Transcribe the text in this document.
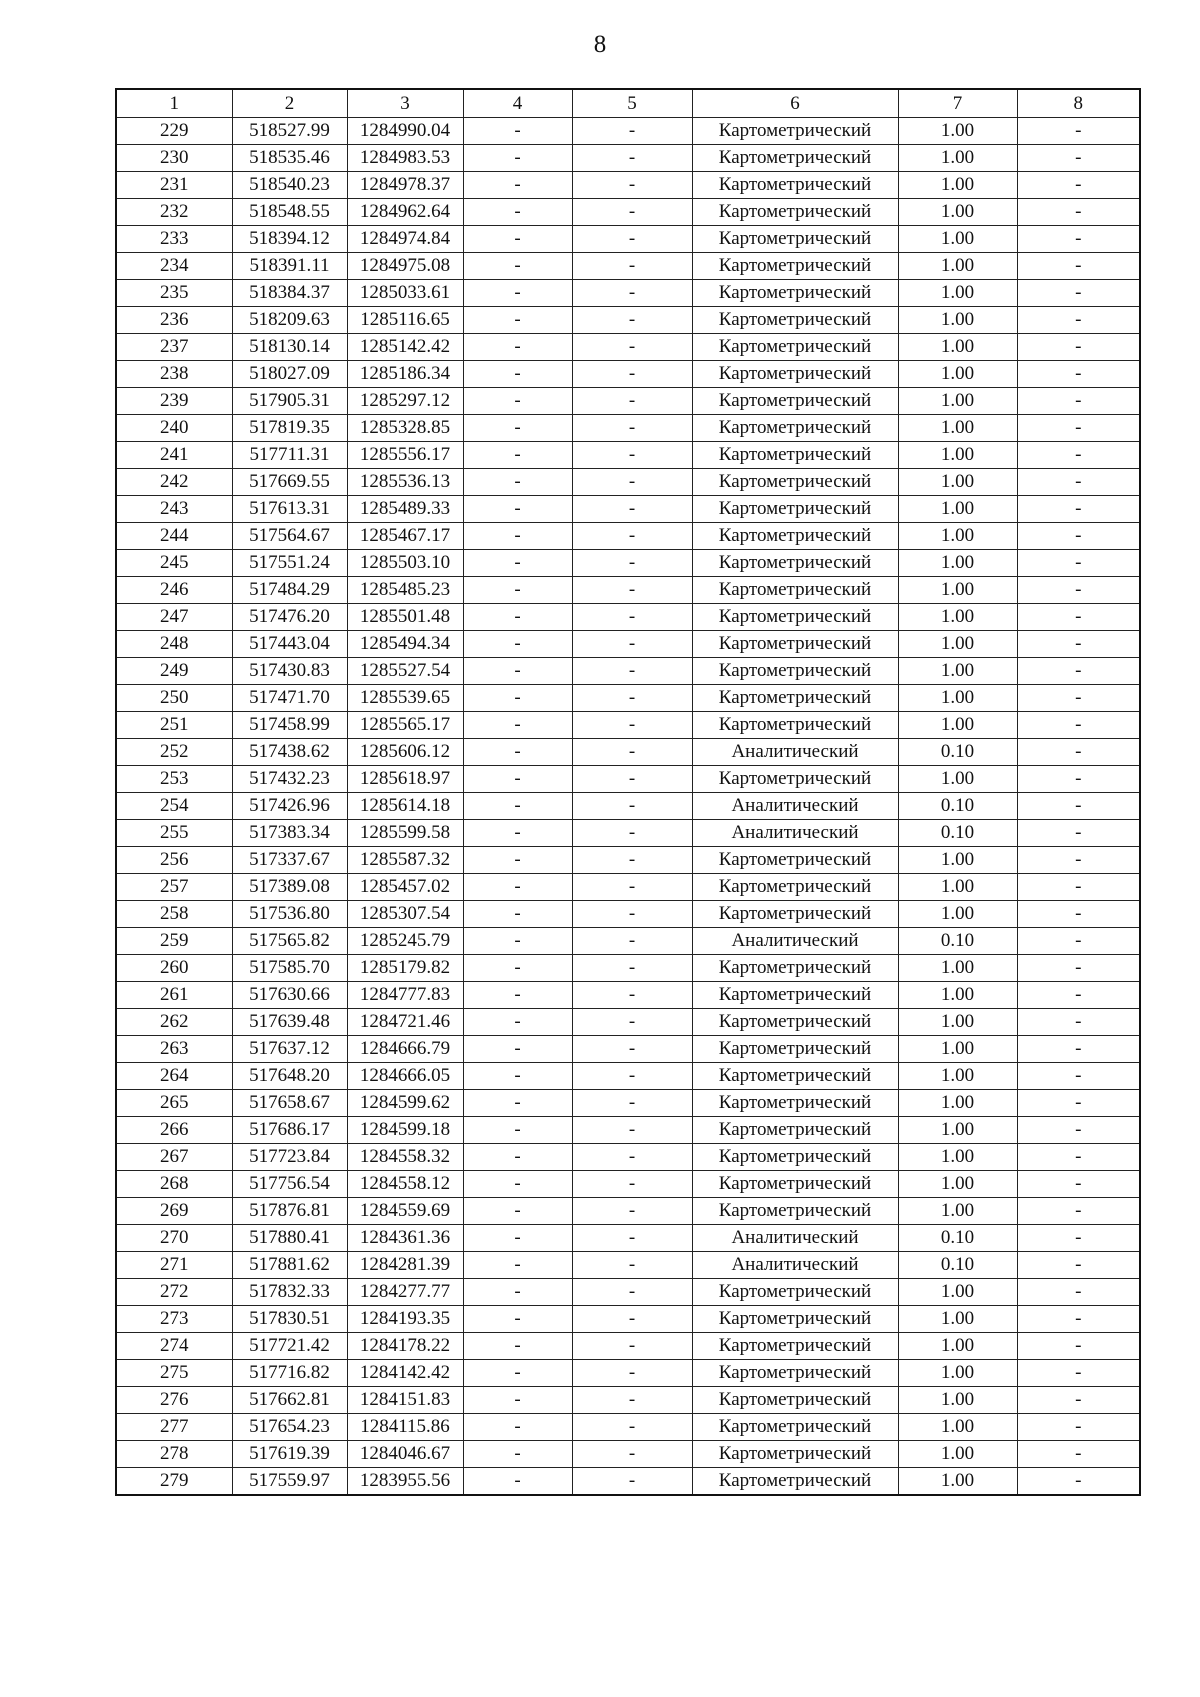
8
1	2	3	4	5	6	7	8
229	518527.99	1284990.04	-	-	Картометрический	1.00	-
230	518535.46	1284983.53	-	-	Картометрический	1.00	-
231	518540.23	1284978.37	-	-	Картометрический	1.00	-
232	518548.55	1284962.64	-	-	Картометрический	1.00	-
233	518394.12	1284974.84	-	-	Картометрический	1.00	-
234	518391.11	1284975.08	-	-	Картометрический	1.00	-
235	518384.37	1285033.61	-	-	Картометрический	1.00	-
236	518209.63	1285116.65	-	-	Картометрический	1.00	-
237	518130.14	1285142.42	-	-	Картометрический	1.00	-
238	518027.09	1285186.34	-	-	Картометрический	1.00	-
239	517905.31	1285297.12	-	-	Картометрический	1.00	-
240	517819.35	1285328.85	-	-	Картометрический	1.00	-
241	517711.31	1285556.17	-	-	Картометрический	1.00	-
242	517669.55	1285536.13	-	-	Картометрический	1.00	-
243	517613.31	1285489.33	-	-	Картометрический	1.00	-
244	517564.67	1285467.17	-	-	Картометрический	1.00	-
245	517551.24	1285503.10	-	-	Картометрический	1.00	-
246	517484.29	1285485.23	-	-	Картометрический	1.00	-
247	517476.20	1285501.48	-	-	Картометрический	1.00	-
248	517443.04	1285494.34	-	-	Картометрический	1.00	-
249	517430.83	1285527.54	-	-	Картометрический	1.00	-
250	517471.70	1285539.65	-	-	Картометрический	1.00	-
251	517458.99	1285565.17	-	-	Картометрический	1.00	-
252	517438.62	1285606.12	-	-	Аналитический	0.10	-
253	517432.23	1285618.97	-	-	Картометрический	1.00	-
254	517426.96	1285614.18	-	-	Аналитический	0.10	-
255	517383.34	1285599.58	-	-	Аналитический	0.10	-
256	517337.67	1285587.32	-	-	Картометрический	1.00	-
257	517389.08	1285457.02	-	-	Картометрический	1.00	-
258	517536.80	1285307.54	-	-	Картометрический	1.00	-
259	517565.82	1285245.79	-	-	Аналитический	0.10	-
260	517585.70	1285179.82	-	-	Картометрический	1.00	-
261	517630.66	1284777.83	-	-	Картометрический	1.00	-
262	517639.48	1284721.46	-	-	Картометрический	1.00	-
263	517637.12	1284666.79	-	-	Картометрический	1.00	-
264	517648.20	1284666.05	-	-	Картометрический	1.00	-
265	517658.67	1284599.62	-	-	Картометрический	1.00	-
266	517686.17	1284599.18	-	-	Картометрический	1.00	-
267	517723.84	1284558.32	-	-	Картометрический	1.00	-
268	517756.54	1284558.12	-	-	Картометрический	1.00	-
269	517876.81	1284559.69	-	-	Картометрический	1.00	-
270	517880.41	1284361.36	-	-	Аналитический	0.10	-
271	517881.62	1284281.39	-	-	Аналитический	0.10	-
272	517832.33	1284277.77	-	-	Картометрический	1.00	-
273	517830.51	1284193.35	-	-	Картометрический	1.00	-
274	517721.42	1284178.22	-	-	Картометрический	1.00	-
275	517716.82	1284142.42	-	-	Картометрический	1.00	-
276	517662.81	1284151.83	-	-	Картометрический	1.00	-
277	517654.23	1284115.86	-	-	Картометрический	1.00	-
278	517619.39	1284046.67	-	-	Картометрический	1.00	-
279	517559.97	1283955.56	-	-	Картометрический	1.00	-
